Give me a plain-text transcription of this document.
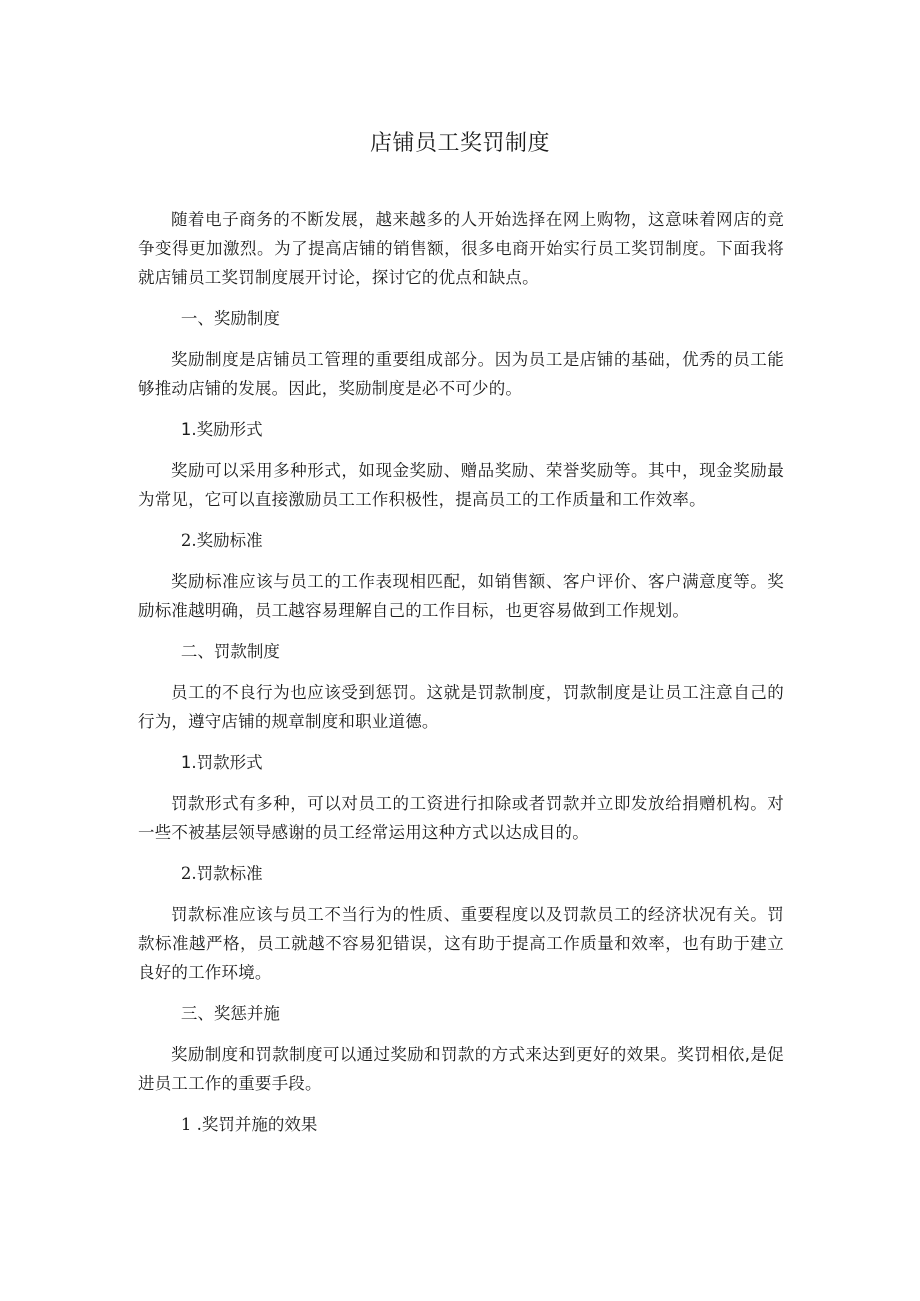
店铺员工奖罚制度

随着电子商务的不断发展，越来越多的人开始选择在网上购物，这意味着网店的竞争变得更加激烈。为了提高店铺的销售额，很多电商开始实行员工奖罚制度。下面我将就店铺员工奖罚制度展开讨论，探讨它的优点和缺点。

一、奖励制度

奖励制度是店铺员工管理的重要组成部分。因为员工是店铺的基础，优秀的员工能够推动店铺的发展。因此，奖励制度是必不可少的。

1.奖励形式

奖励可以采用多种形式，如现金奖励、赠品奖励、荣誉奖励等。其中，现金奖励最为常见，它可以直接激励员工工作积极性，提高员工的工作质量和工作效率。

2.奖励标准

奖励标准应该与员工的工作表现相匹配，如销售额、客户评价、客户满意度等。奖励标准越明确，员工越容易理解自己的工作目标，也更容易做到工作规划。

二、罚款制度

员工的不良行为也应该受到惩罚。这就是罚款制度，罚款制度是让员工注意自己的行为，遵守店铺的规章制度和职业道德。

1.罚款形式

罚款形式有多种，可以对员工的工资进行扣除或者罚款并立即发放给捐赠机构。对一些不被基层领导感谢的员工经常运用这种方式以达成目的。

2.罚款标准

罚款标准应该与员工不当行为的性质、重要程度以及罚款员工的经济状况有关。罚款标准越严格，员工就越不容易犯错误，这有助于提高工作质量和效率，也有助于建立良好的工作环境。

三、奖惩并施

奖励制度和罚款制度可以通过奖励和罚款的方式来达到更好的效果。奖罚相依,是促进员工工作的重要手段。

1 .奖罚并施的效果
